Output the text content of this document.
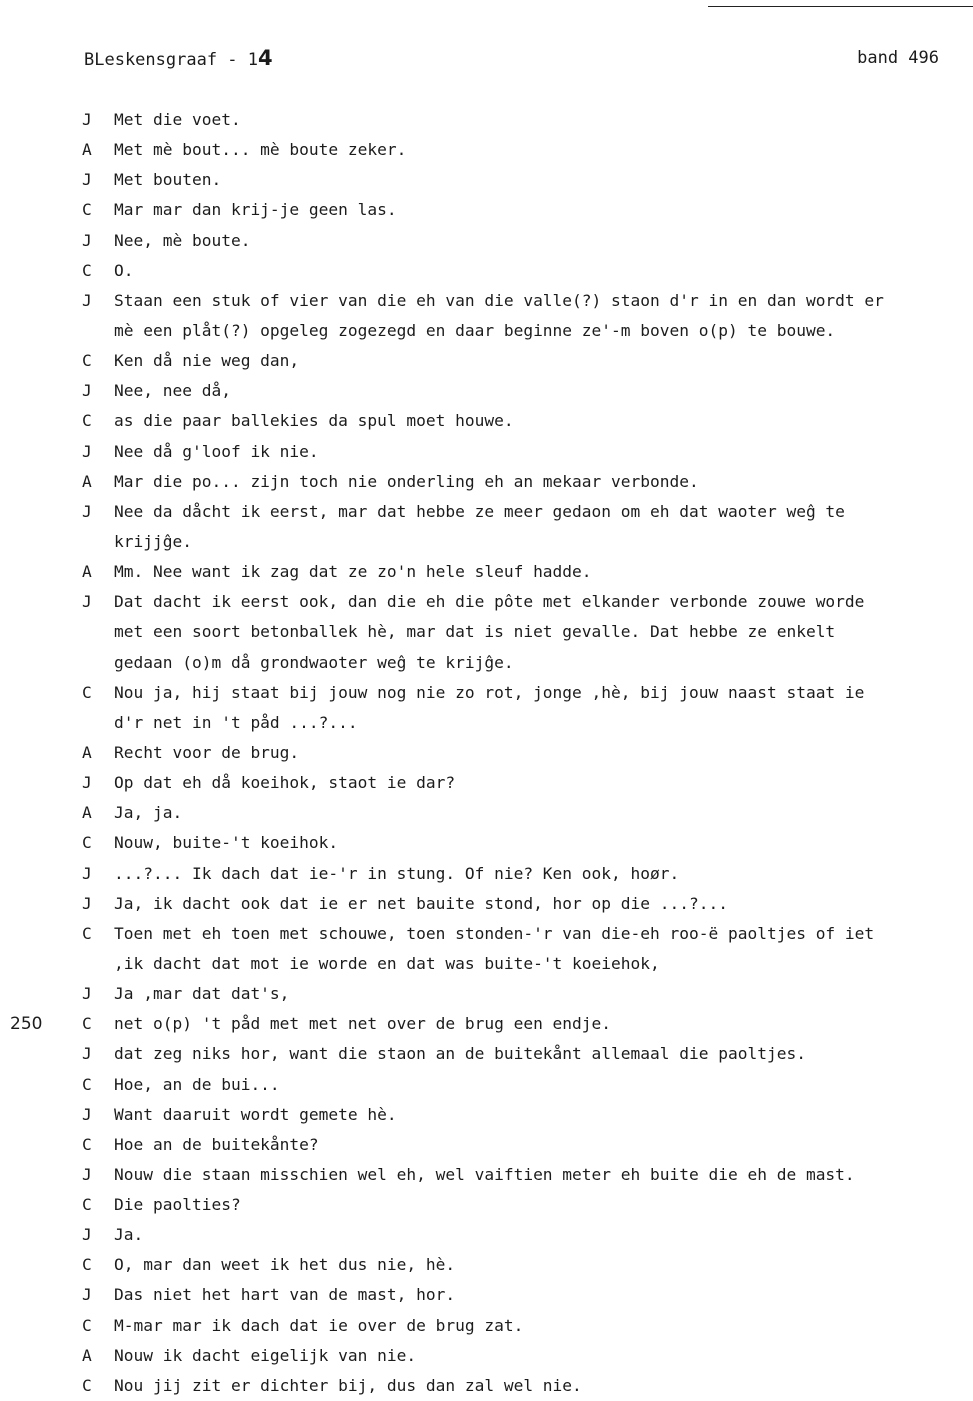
BLeskensgraaf - 14	band 496
J Met die voet.
A Met mè bout... mè boute zeker.
J Met bouten.
C Mar mar dan krij-je geen las.
J Nee, mè boute.
C O.
J Staan een stuk of vier van die eh van die valle(?) staon d'r in en dan wordt er
mè een plåt(?) opgeleg zogezegd en daar beginne ze'-m boven o(p) te bouwe.
C Ken då nie weg dan,
J Nee, nee då,
C as die paar ballekies da spul moet houwe.
J Nee då g'loof ik nie.
A Mar die po... zijn toch nie onderling eh an mekaar verbonde.
J Nee da dåcht ik eerst, mar dat hebbe ze meer gedaon om eh dat waoter weĝ te
krijjĝe.
A Mm. Nee want ik zag dat ze zo'n hele sleuf hadde.
J Dat dacht ik eerst ook, dan die eh die pôte met elkander verbonde zouwe worde
met een soort betonballek hè, mar dat is niet gevalle. Dat hebbe ze enkelt
gedaan (o)m då grondwaoter weĝ te krijĝe.
C Nou ja, hij staat bij jouw nog nie zo rot, jonge ,hè, bij jouw naast staat ie
d'r net in 't påd ...?...
A Recht voor de brug.
J Op dat eh då koeihok, staot ie dar?
A Ja, ja.
C Nouw, buite-'t koeihok.
J ...?... Ik dach dat ie-'r in stung. Of nie? Ken ook, hoør.
J Ja, ik dacht ook dat ie er net bauite stond, hor op die ...?...
C Toen met eh toen met schouwe, toen stonden-'r van die-eh roo-ë paoltjes of iet
,ik dacht dat mot ie worde en dat was buite-'t koeiehok,
J Ja ,mar dat dat's,
250 C net o(p) 't påd met met net over de brug een endje.
J dat zeg niks hor, want die staon an de buitekånt allemaal die paoltjes.
C Hoe, an de bui...
J Want daaruit wordt gemete hè.
C Hoe an de buitekånte?
J Nouw die staan misschien wel eh, wel vaiftien meter eh buite die eh de mast.
C Die paolties?
J Ja.
C O, mar dan weet ik het dus nie, hè.
J Das niet het hart van de mast, hor.
C M-mar mar ik dach dat ie over de brug zat.
A Nouw ik dacht eigelijk van nie.
C Nou jij zit er dichter bij, dus dan zal wel nie.
